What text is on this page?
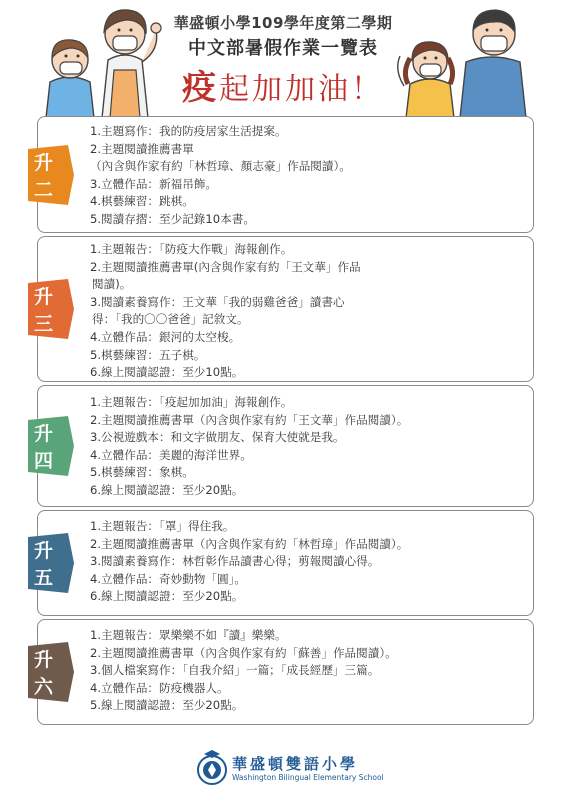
華盛頓小學109學年度第二學期
中文部暑假作業一覽表
疫起加加油！
升二
1.主題寫作：我的防疫居家生活提案。
2.主題閱讀推薦書單
（內含與作家有約「林哲璋、顏志豪」作品閱讀）。
3.立體作品：新福吊飾。
4.棋藝練習：跳棋。
5.閱讀存摺：至少記錄10本書。
升三
1.主題報告：「防疫大作戰」海報創作。
2.主題閱讀推薦書單(內含與作家有約「王文華」作品
閱讀)。
3.閱讀素養寫作：王文華「我的弱雞爸爸」讀書心
得：「我的〇〇爸爸」記敘文。
4.立體作品：銀河的太空梭。
5.棋藝練習：五子棋。
6.線上閱讀認證：至少10點。
升四
1.主題報告：「疫起加加油」海報創作。
2.主題閱讀推薦書單（內含與作家有約「王文華」作品閱讀）。
3.公視遊戲本：和文字做朋友、保育大使就是我。
4.立體作品：美麗的海洋世界。
5.棋藝練習：象棋。
6.線上閱讀認證：至少20點。
升五
1.主題報告：「罩」得住我。
2.主題閱讀推薦書單（內含與作家有約「林哲璋」作品閱讀）。
3.閱讀素養寫作：林哲彰作品讀書心得；剪報閱讀心得。
4.立體作品：奇妙動物「圓」。
6.線上閱讀認證：至少20點。
升六
1.主題報告：眾樂樂不如『讀』樂樂。
2.主題閱讀推薦書單（內含與作家有約「蘇善」作品閱讀）。
3.個人檔案寫作：「自我介紹」一篇；「成長經歷」三篇。
4.立體作品：防疫機器人。
5.線上閱讀認證：至少20點。
華盛頓雙語小學
Washington Bilingual Elementary School
